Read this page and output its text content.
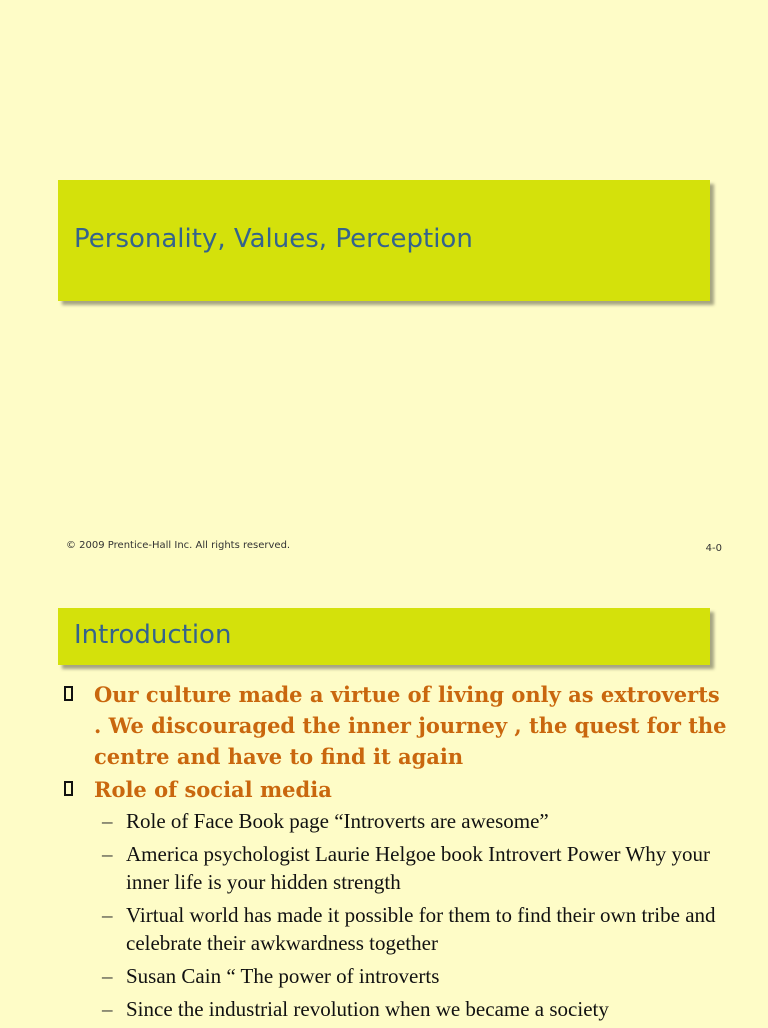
Personality, Values, Perception
© 2009 Prentice-Hall Inc. All rights reserved.	4-0
Introduction
Our culture made a virtue of living only as extroverts . We discouraged the inner journey , the quest for the centre and have to find it again
Role of social media
– Role of Face Book page “Introverts are awesome”
– America psychologist Laurie Helgoe book Introvert Power Why your inner life is your hidden strength
– Virtual world has made it possible for them to find their own tribe and celebrate their awkwardness together
– Susan Cain “ The power of introverts
– Since the industrial revolution when we became a society
